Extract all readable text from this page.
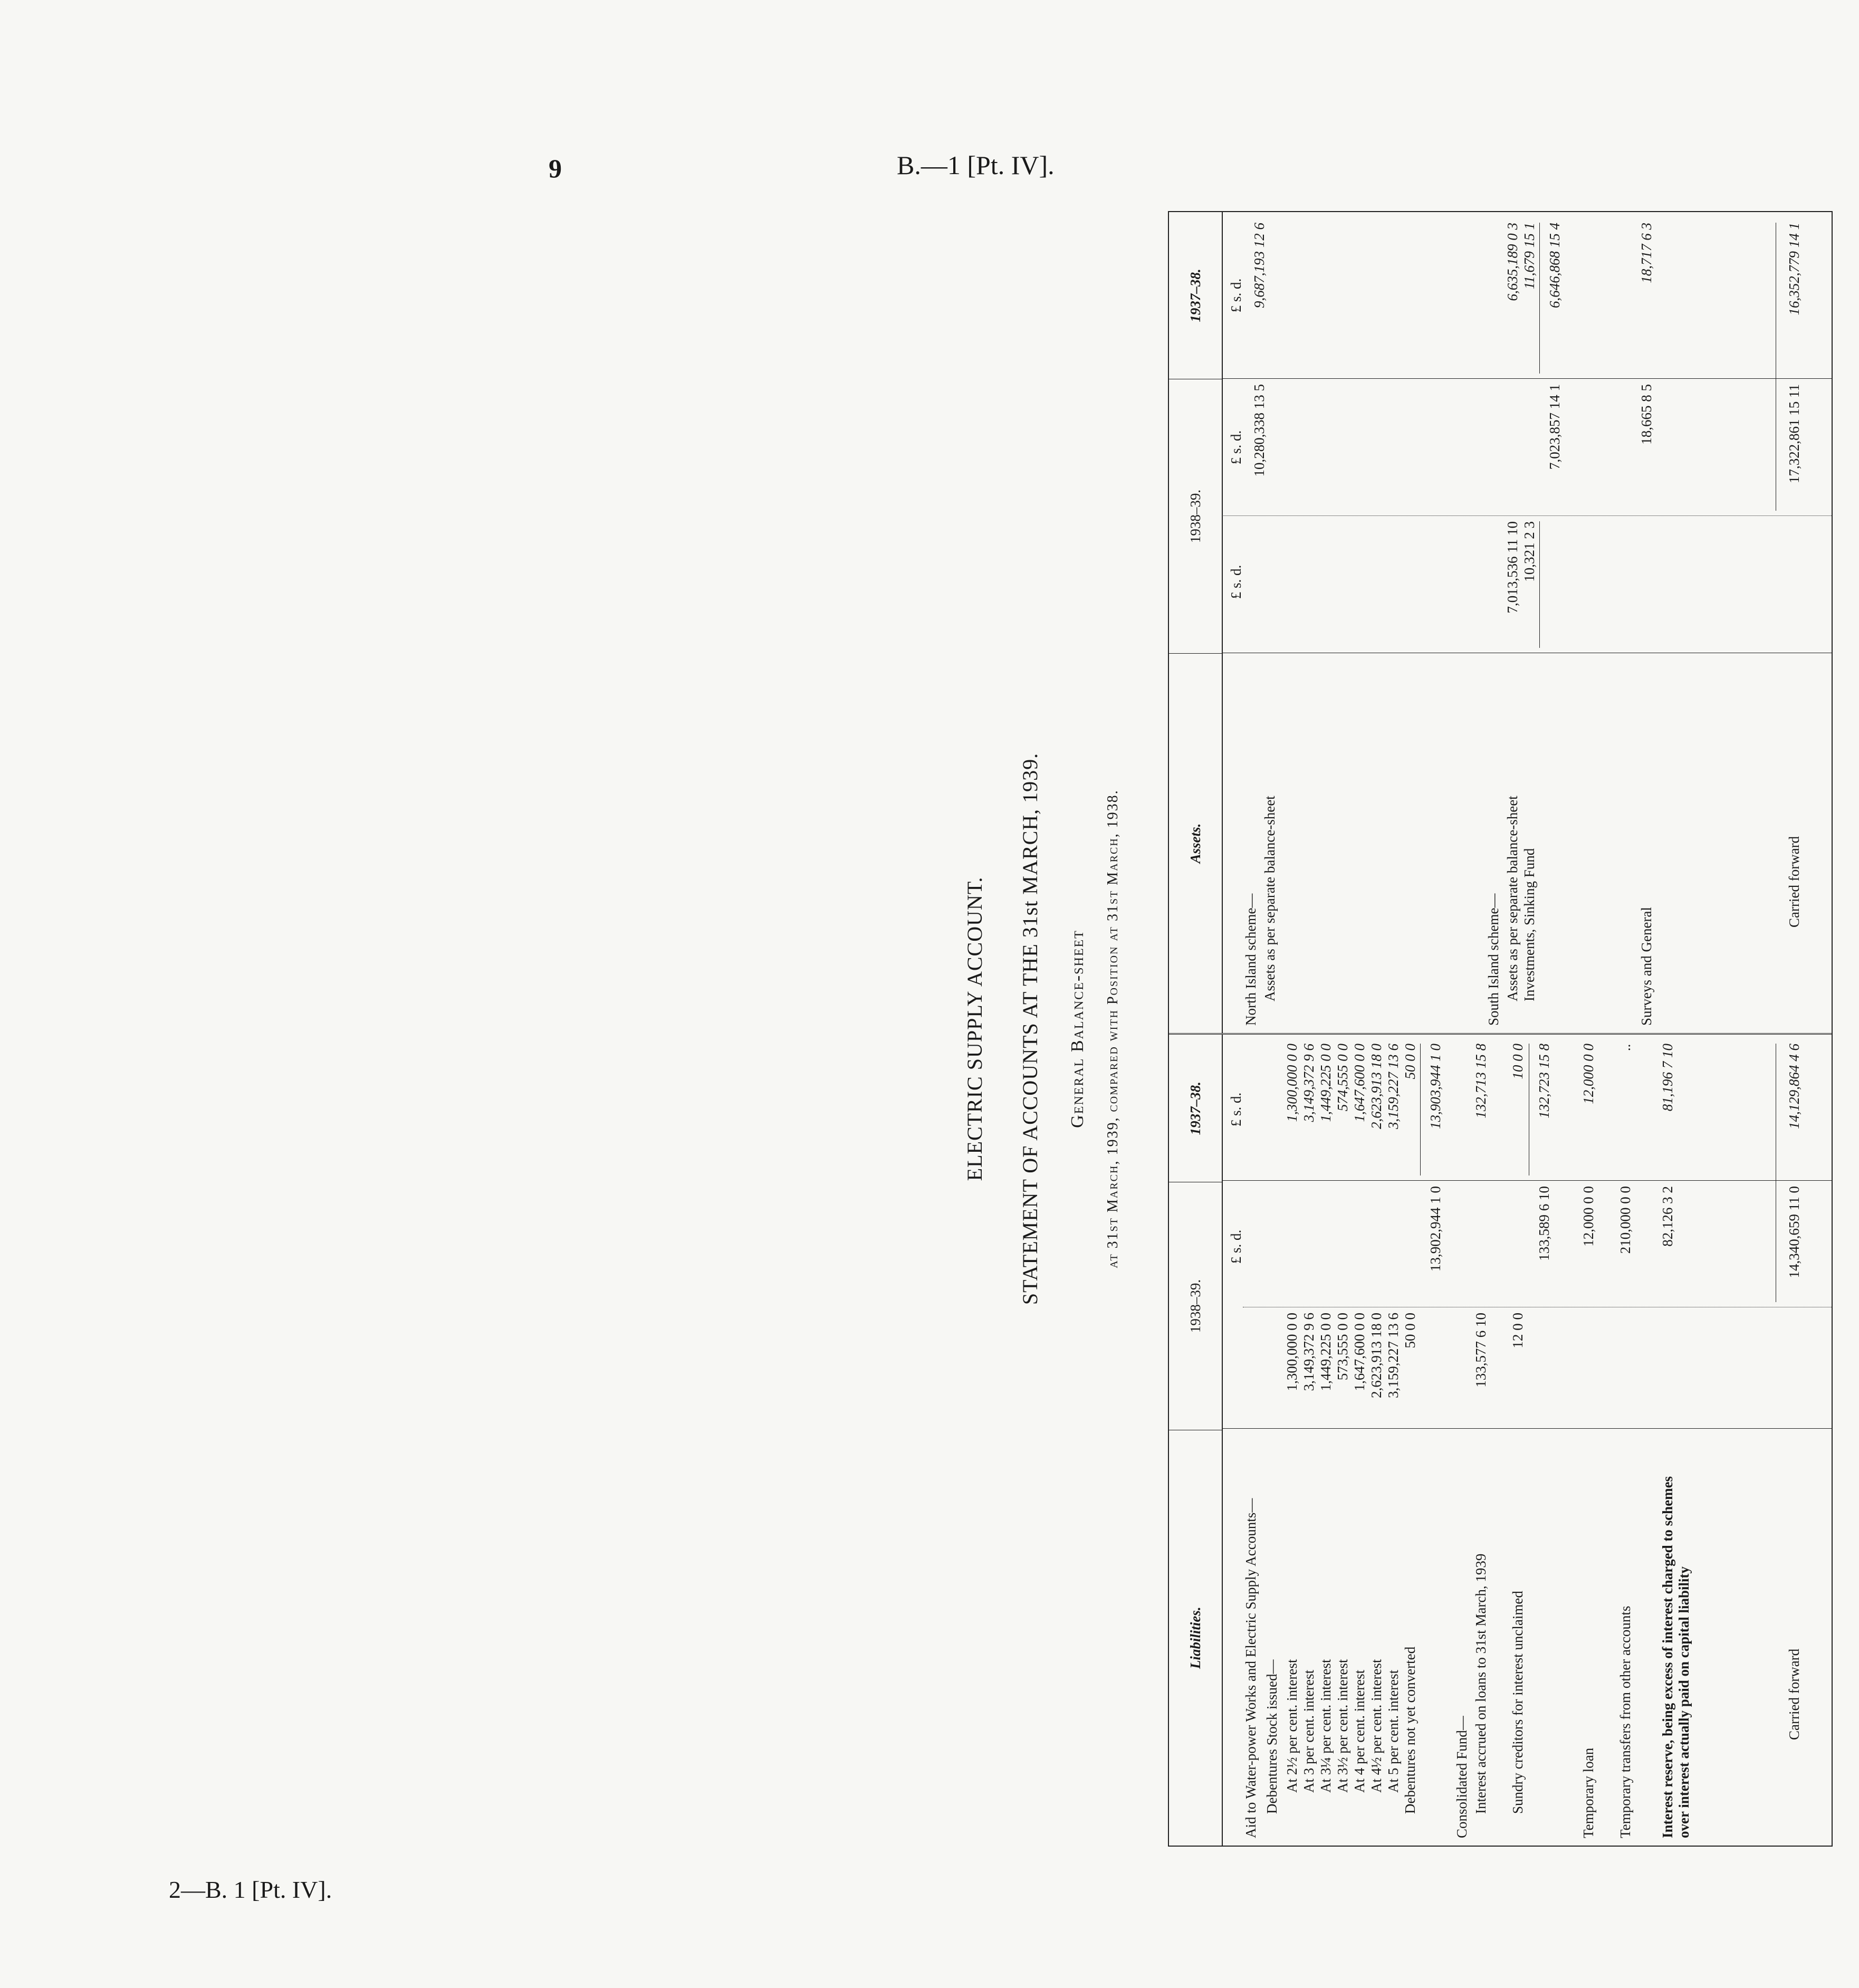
9	B.—1 [Pt. IV].
2—B. 1 [Pt. IV].
ELECTRIC SUPPLY ACCOUNT. STATEMENT OF ACCOUNTS AT THE 31st MARCH, 1939. General Balance-sheet at 31st March, 1939, compared with Position at 31st March, 1938.
Liabilities.
1938–39.
1937–38.
£ s. d.
£ s. d.
Aid to Water-power Works and Electric Supply Accounts— Debentures Stock issued— At 2½ per cent. interest
1,300,000 0 0
1,300,000 0 0
At 3 per cent. interest
3,149,372 9 6
3,149,372 9 6
At 3¼ per cent. interest
1,449,225 0 0
1,449,225 0 0
At 3½ per cent. interest
573,555 0 0
574,555 0 0
At 4 per cent. interest
1,647,600 0 0
1,647,600 0 0
At 4½ per cent. interest
2,623,913 18 0
2,623,913 18 0
At 5 per cent. interest
3,159,227 13 6
3,159,227 13 6
Debentures not yet converted
50 0 0
50 0 0
13,902,944 1 0
13,903,944 1 0
Consolidated Fund— Interest accrued on loans to 31st March, 1939
133,577 6 10
132,713 15 8
Sundry creditors for interest unclaimed
12 0 0
10 0 0
133,589 6 10
132,723 15 8
Temporary loan
12,000 0 0
12,000 0 0
Temporary transfers from other accounts
210,000 0 0
..
Interest reserve, being excess of interest charged to schemes over interest actually paid on capital liability
82,126 3 2
81,196 7 10
Carried forward
14,340,659 11 0
14,129,864 4 6
Assets.
1938–39.
1937–38.
£ s. d.
£ s. d.
£ s. d.
North Island scheme— Assets as per separate balance-sheet
10,280,338 13 5
9,687,193 12 6
South Island scheme— Assets as per separate balance-sheet
7,013,536 11 10
6,635,189 0 3
Investments, Sinking Fund
10,321 2 3
11,679 15 1
7,023,857 14 1
6,646,868 15 4
Surveys and General
18,665 8 5
18,717 6 3
Carried forward
17,322,861 15 11
16,352,779 14 1
